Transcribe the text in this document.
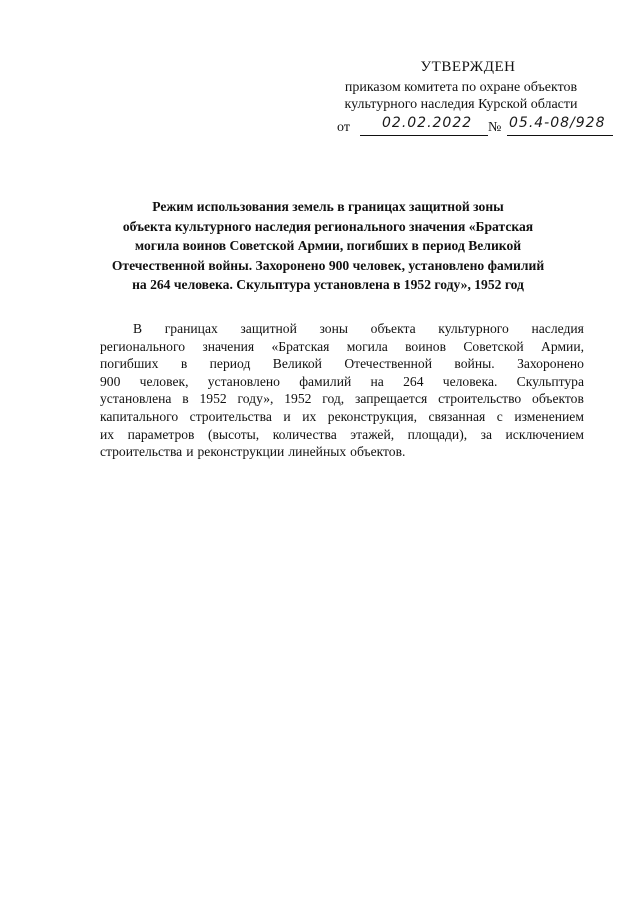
УТВЕРЖДЕН
приказом комитета по охране объектов
культурного наследия Курской области
от 02.02.2022 № 05.4-08/928
Режим использования земель в границах защитной зоны
объекта культурного наследия регионального значения «Братская
могила воинов Советской Армии, погибших в период Великой
Отечественной войны. Захоронено 900 человек, установлено фамилий
на 264 человека. Скульптура установлена в 1952 году», 1952 год
В границах защитной зоны объекта культурного наследия
регионального значения «Братская могила воинов Советской Армии,
погибших в период Великой Отечественной войны. Захоронено
900 человек, установлено фамилий на 264 человека. Скульптура
установлена в 1952 году», 1952 год, запрещается строительство объектов
капитального строительства и их реконструкция, связанная с изменением
их параметров (высоты, количества этажей, площади), за исключением
строительства и реконструкции линейных объектов.
